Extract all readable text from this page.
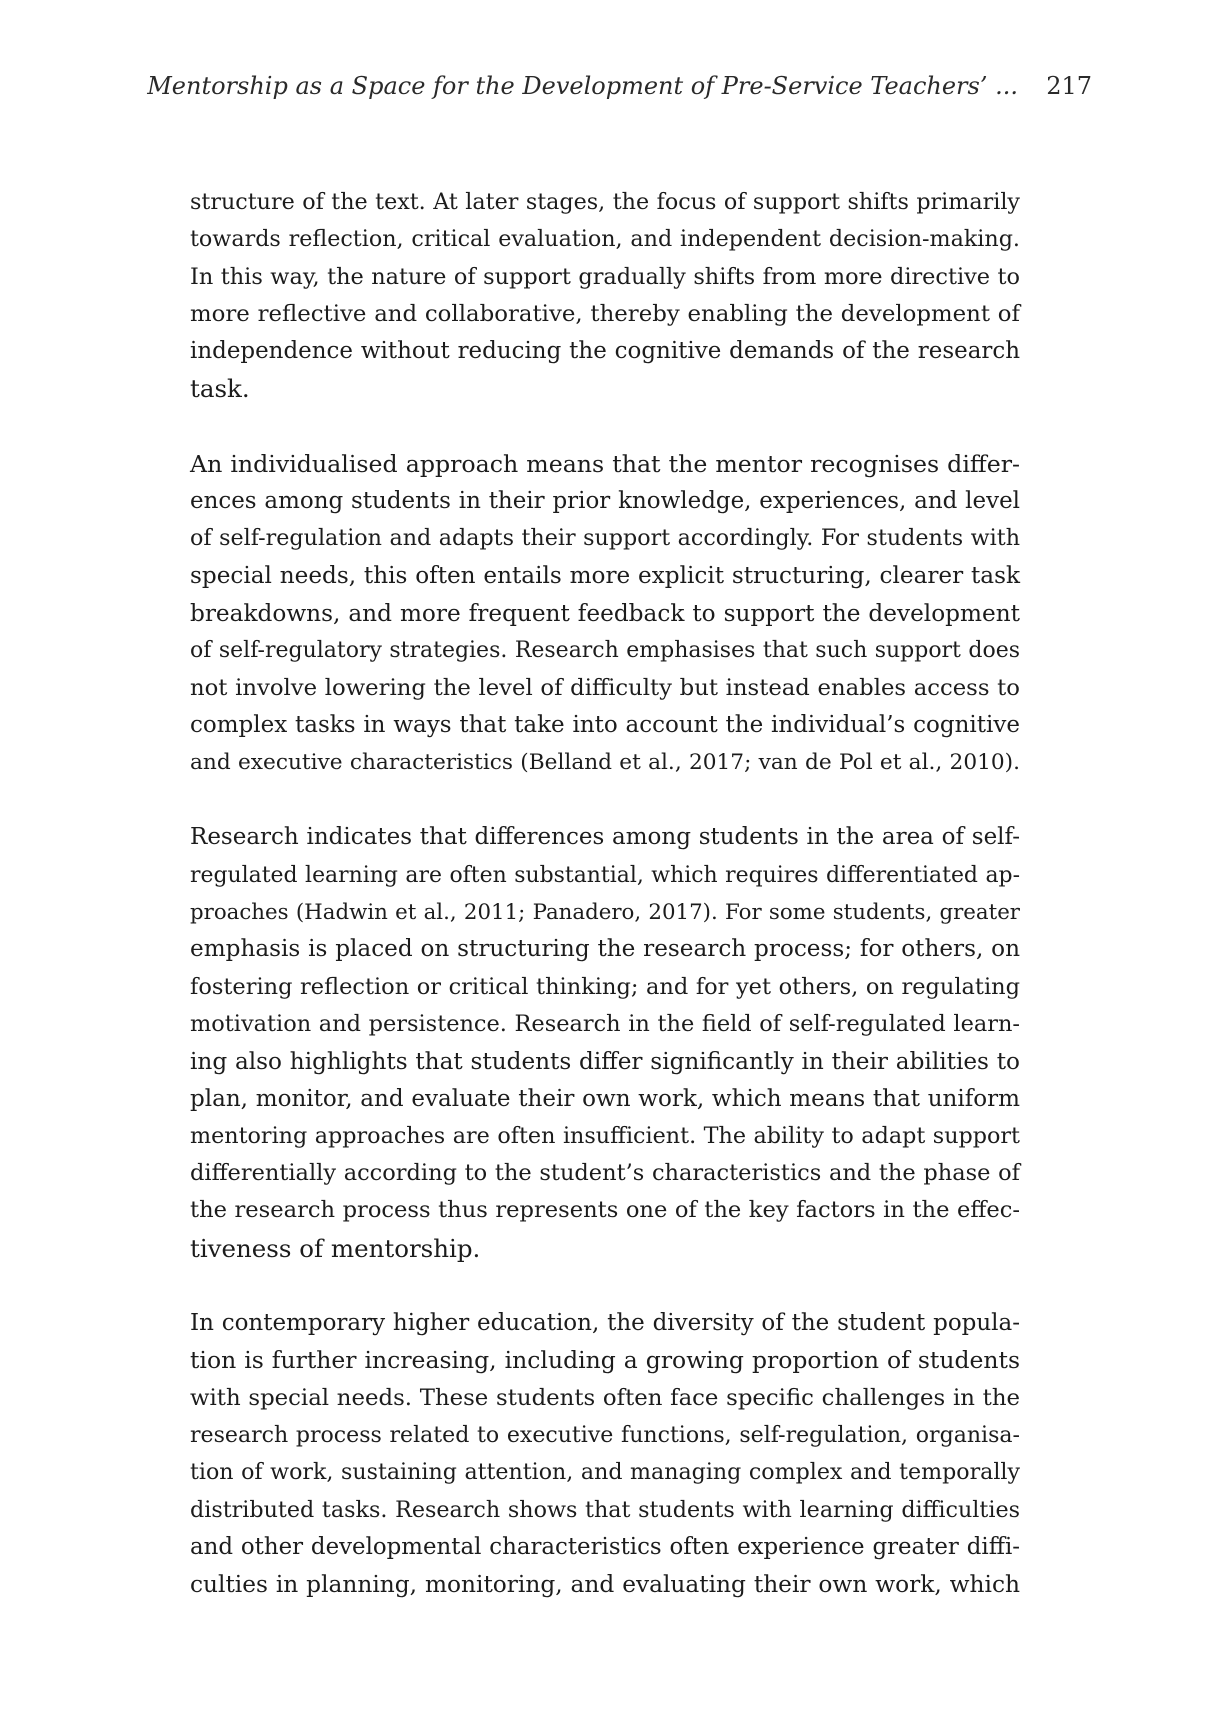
Mentorship as a Space for the Development of Pre-Service Teachers’ ... 217
structure of the text. At later stages, the focus of support shifts primarily
towards reflection, critical evaluation, and independent decision-making.
In this way, the nature of support gradually shifts from more directive to
more reflective and collaborative, thereby enabling the development of
independence without reducing the cognitive demands of the research
task.
An individualised approach means that the mentor recognises differ-
ences among students in their prior knowledge, experiences, and level
of self-regulation and adapts their support accordingly. For students with
special needs, this often entails more explicit structuring, clearer task
breakdowns, and more frequent feedback to support the development
of self-regulatory strategies. Research emphasises that such support does
not involve lowering the level of difficulty but instead enables access to
complex tasks in ways that take into account the individual’s cognitive
and executive characteristics (Belland et al., 2017; van de Pol et al., 2010).
Research indicates that differences among students in the area of self-
regulated learning are often substantial, which requires differentiated ap-
proaches (Hadwin et al., 2011; Panadero, 2017). For some students, greater
emphasis is placed on structuring the research process; for others, on
fostering reflection or critical thinking; and for yet others, on regulating
motivation and persistence. Research in the field of self-regulated learn-
ing also highlights that students differ significantly in their abilities to
plan, monitor, and evaluate their own work, which means that uniform
mentoring approaches are often insufficient. The ability to adapt support
differentially according to the student’s characteristics and the phase of
the research process thus represents one of the key factors in the effec-
tiveness of mentorship.
In contemporary higher education, the diversity of the student popula-
tion is further increasing, including a growing proportion of students
with special needs. These students often face specific challenges in the
research process related to executive functions, self-regulation, organisa-
tion of work, sustaining attention, and managing complex and temporally
distributed tasks. Research shows that students with learning difficulties
and other developmental characteristics often experience greater diffi-
culties in planning, monitoring, and evaluating their own work, which
